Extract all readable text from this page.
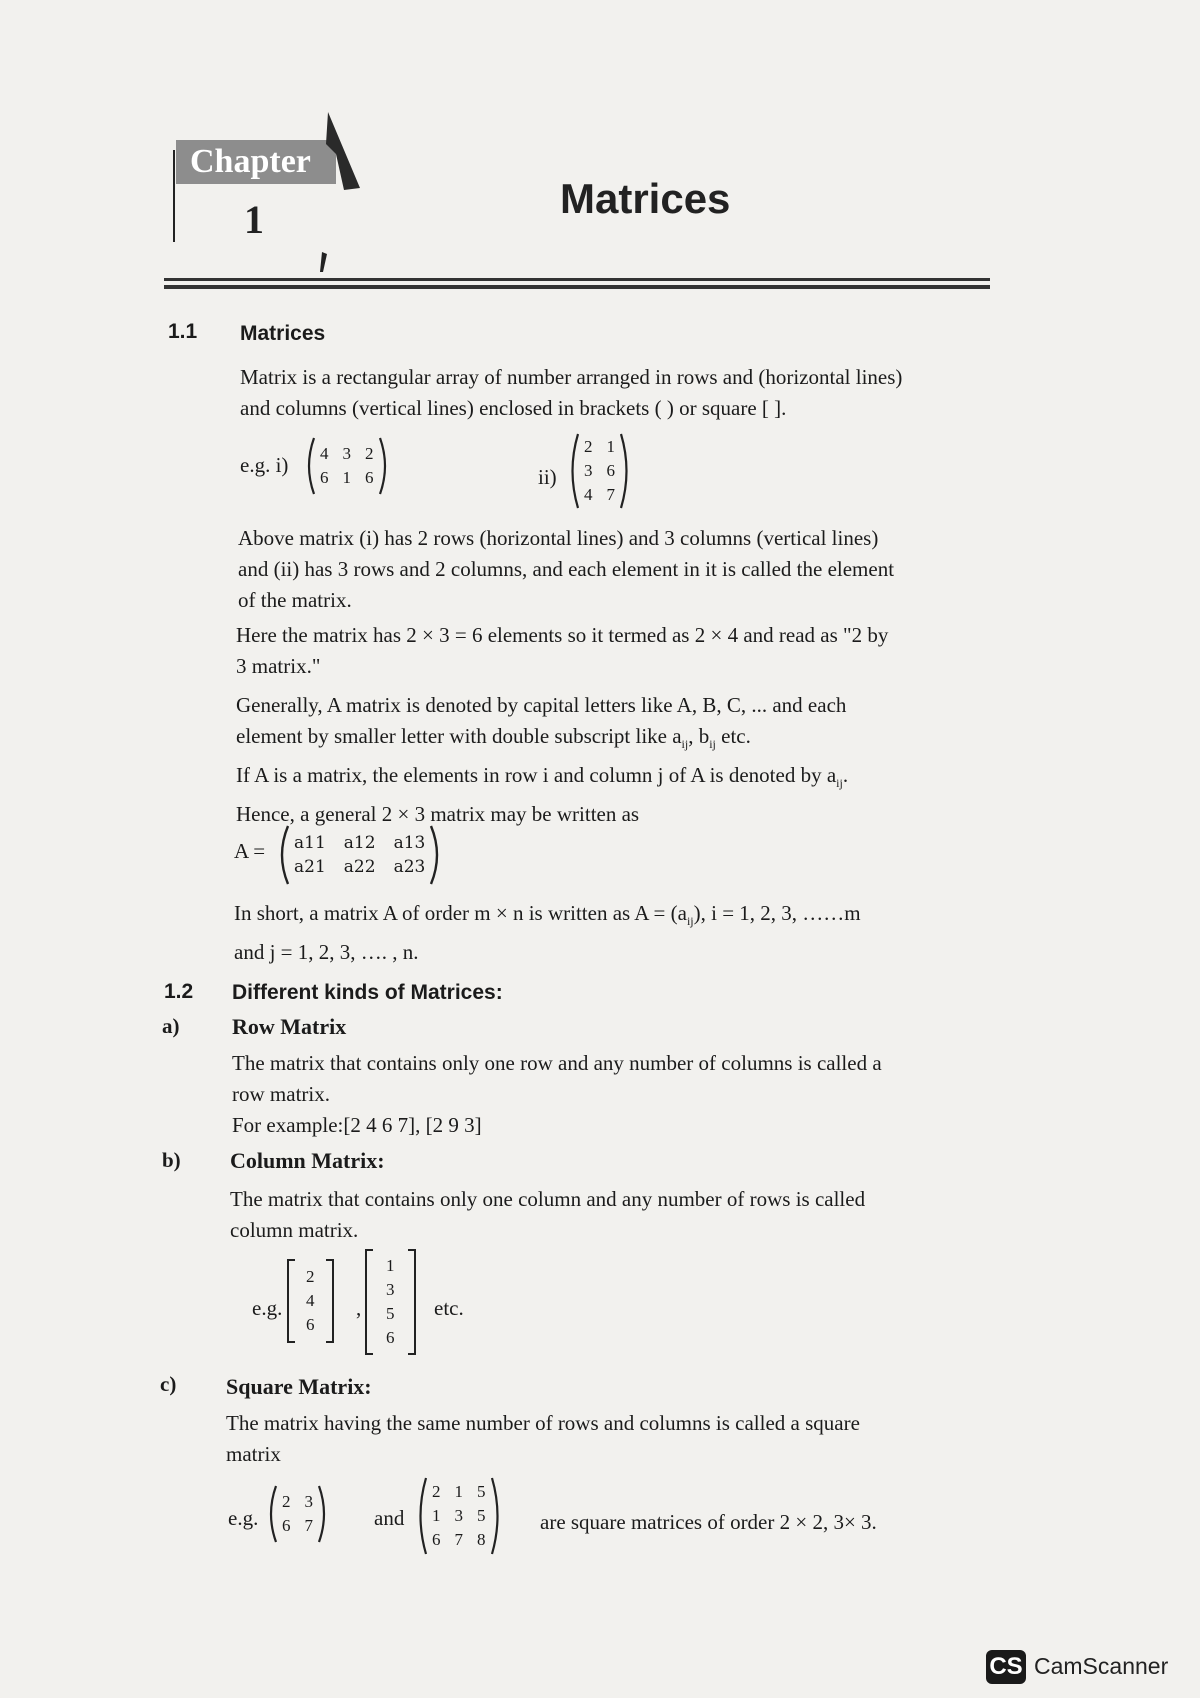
Chapter
1	Matrices
1.1 Matrices
Matrix is a rectangular array of number arranged in rows and (horizontal lines)
and columns (vertical lines) enclosed in brackets ( ) or square [ ].
e.g. i) 4 3 2
6 1 6	ii)
2 1
3 6
4 7
Above matrix (i) has 2 rows (horizontal lines) and 3 columns (vertical lines)
and (ii) has 3 rows and 2 columns, and each element in it is called the element
of the matrix.
Here the matrix has 2 × 3 = 6 elements so it termed as 2 × 4 and read as "2 by
3 matrix."
Generally, A matrix is denoted by capital letters like A, B, C, ... and each
element by smaller letter with double subscript like $a_{ij}$, $b_{ij}$ etc.
If A is a matrix, the elements in row i and column j of A is denoted by $a_{ij}$.
Hence, a general 2 × 3 matrix may be written as
A = a11 a12 a13
a21 a22 a23
In short, a matrix A of order m × n is written as $A = (a_{ij})$, i = 1, 2, 3, ……m
and j = 1, 2, 3, …. , n.
1.2 Different kinds of Matrices:
a) Row Matrix
The matrix that contains only one row and any number of columns is called a
row matrix.
For example:[2 4 6 7], [2 9 3]
b) Column Matrix:
The matrix that contains only one column and any number of rows is called
column matrix.
e.g.
2
4
6
,
1
3
5
6
etc.
c) Square Matrix:
The matrix having the same number of rows and columns is called a square
matrix
e.g.
2 3
6 7	and
2 1 5
1 3 5
6 7 8
are square matrices of order 2 × 2, 3× 3.
CS CamScanner
